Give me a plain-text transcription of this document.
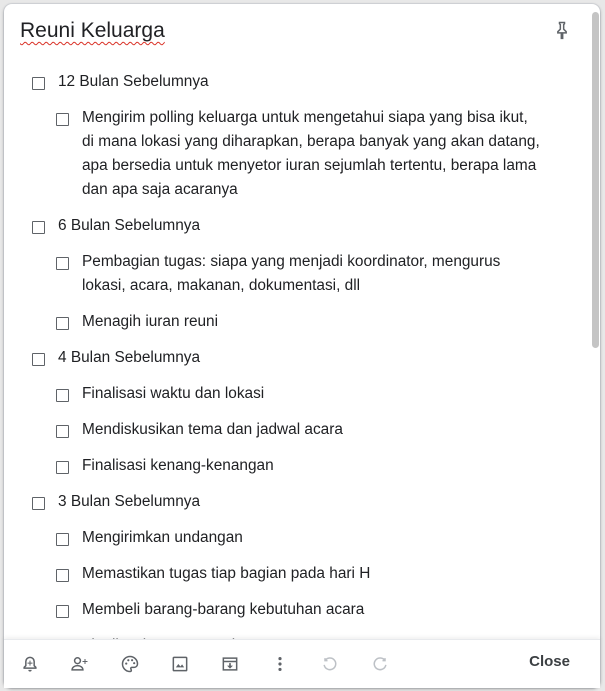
Reuni Keluarga
12 Bulan Sebelumnya
Mengirim polling keluarga untuk mengetahui siapa yang bisa ikut, di mana lokasi yang diharapkan, berapa banyak yang akan datang, apa bersedia untuk menyetor iuran sejumlah tertentu, berapa lama dan apa saja acaranya
6 Bulan Sebelumnya
Pembagian tugas: siapa yang menjadi koordinator, mengurus lokasi, acara, makanan, dokumentasi, dll
Menagih iuran reuni
4 Bulan Sebelumnya
Finalisasi waktu dan lokasi
Mendiskusikan tema dan jadwal acara
Finalisasi kenang-kenangan
3 Bulan Sebelumnya
Mengirimkan undangan
Memastikan tugas tiap bagian pada hari H
Membeli barang-barang kebutuhan acara
Close
